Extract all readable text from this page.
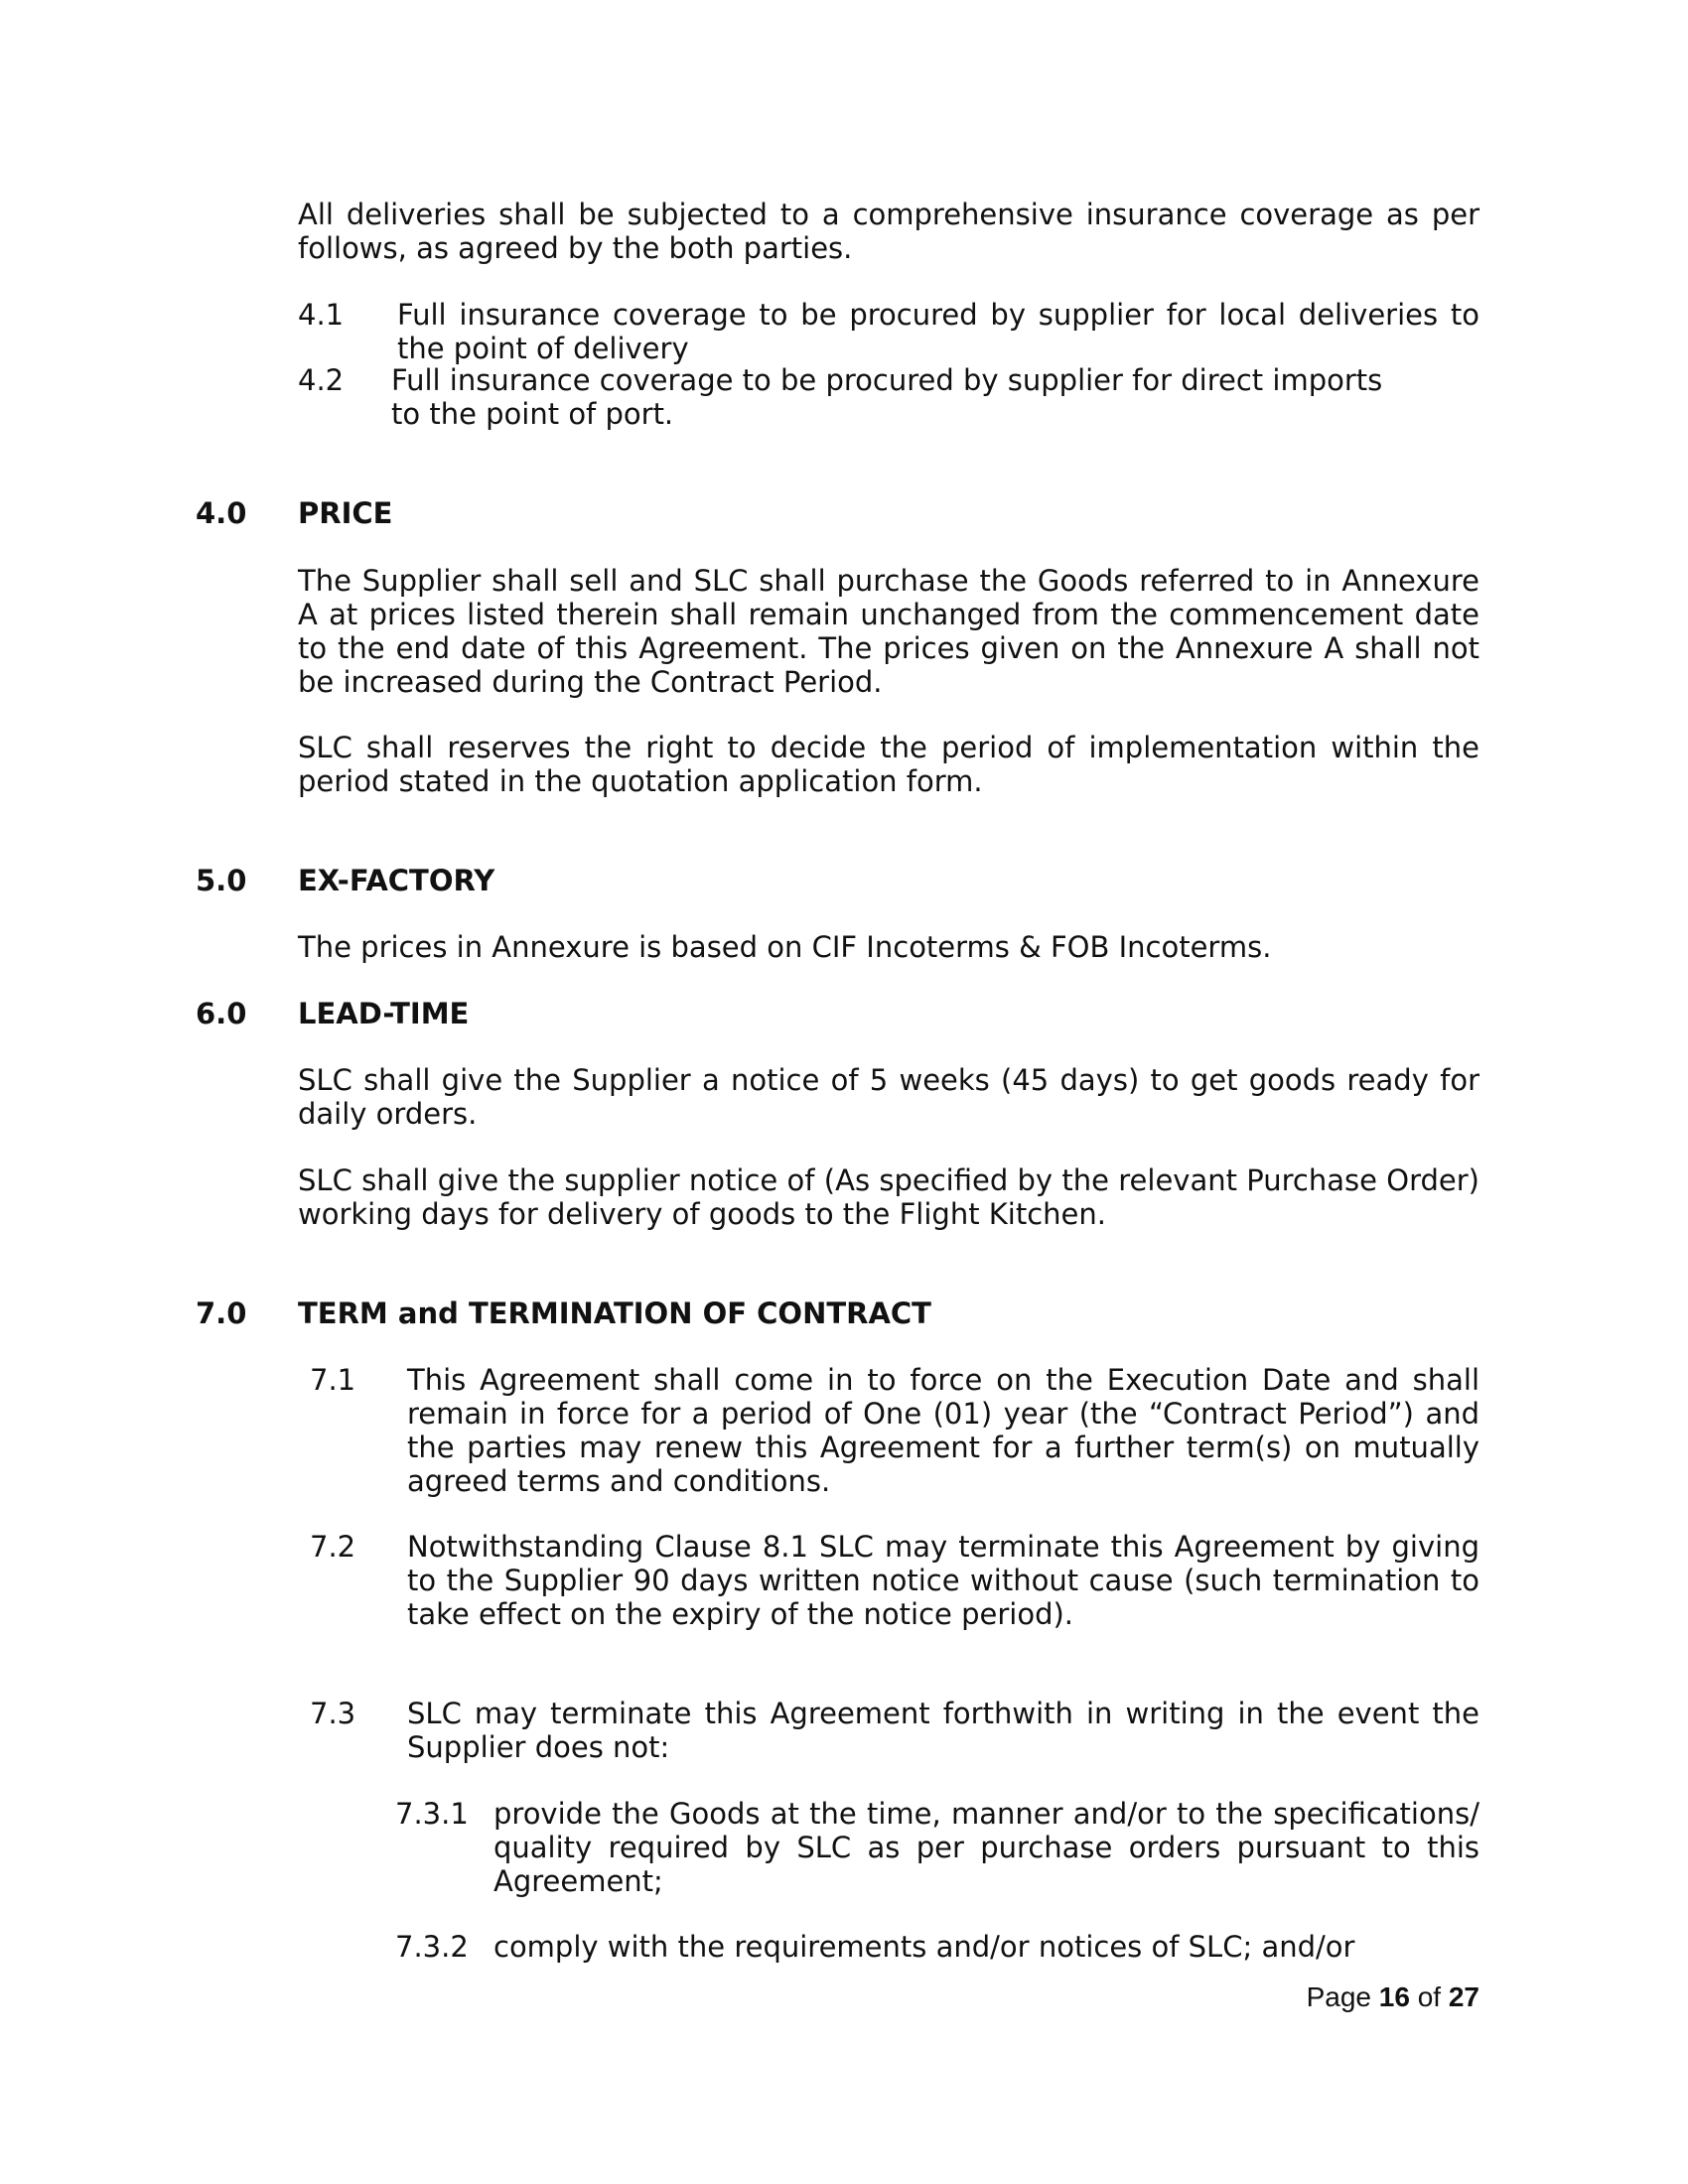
All deliveries shall be subjected to a comprehensive insurance coverage as per follows, as agreed by the both parties.

4.1 Full insurance coverage to be procured by supplier for local deliveries to the point of delivery

4.2 Full insurance coverage to be procured by supplier for direct imports to the point of port.

4.0 PRICE

The Supplier shall sell and SLC shall purchase the Goods referred to in Annexure A at prices listed therein shall remain unchanged from the commencement date to the end date of this Agreement. The prices given on the Annexure A shall not be increased during the Contract Period.

SLC shall reserves the right to decide the period of implementation within the period stated in the quotation application form.

5.0 EX-FACTORY

The prices in Annexure is based on CIF Incoterms & FOB Incoterms.

6.0 LEAD-TIME

SLC shall give the Supplier a notice of 5 weeks (45 days) to get goods ready for daily orders.

SLC shall give the supplier notice of (As specified by the relevant Purchase Order) working days for delivery of goods to the Flight Kitchen.

7.0 TERM and TERMINATION OF CONTRACT
7.1 This Agreement shall come in to force on the Execution Date and shall remain in force for a period of One (01) year (the “Contract Period”) and the parties may renew this Agreement for a further term(s) on mutually agreed terms and conditions.

7.2 Notwithstanding Clause 8.1 SLC may terminate this Agreement by giving to the Supplier 90 days written notice without cause (such termination to take effect on the expiry of the notice period).

7.3 SLC may terminate this Agreement forthwith in writing in the event the Supplier does not:

7.3.1 provide the Goods at the time, manner and/or to the specifications/ quality required by SLC as per purchase orders pursuant to this Agreement;

7.3.2 comply with the requirements and/or notices of SLC; and/or

Page 16 of 27
